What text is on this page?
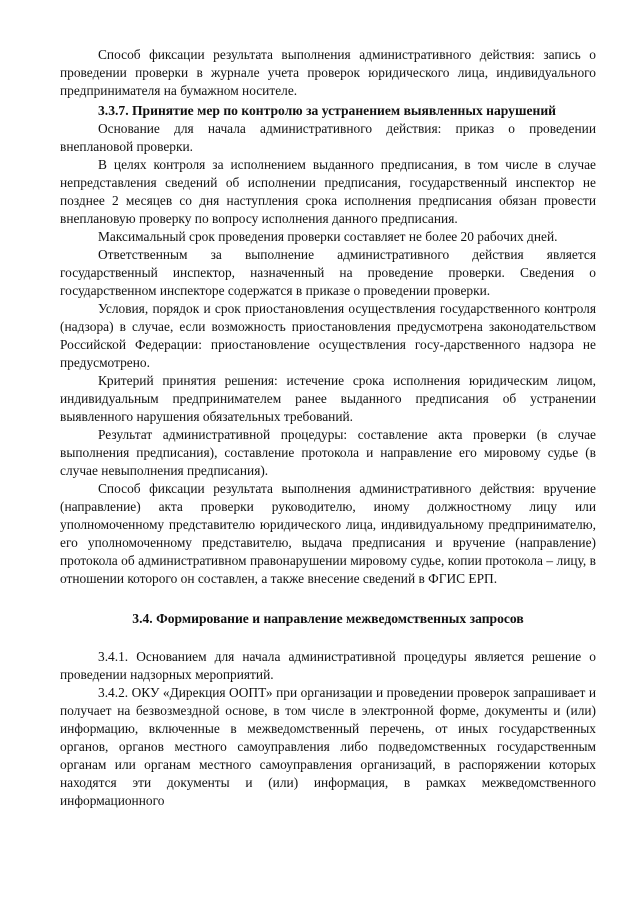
Способ фиксации результата выполнения административного действия: запись о проведении проверки в журнале учета проверок юридического лица, индивидуального предпринимателя на бумажном носителе.

3.3.7. Принятие мер по контролю за устранением выявленных нарушений

Основание для начала административного действия: приказ о проведении внеплановой проверки.

В целях контроля за исполнением выданного предписания, в том числе в случае непредставления сведений об исполнении предписания, государственный инспектор не позднее 2 месяцев со дня наступления срока исполнения предписания обязан провести внеплановую проверку по вопросу исполнения данного предписания.

Максимальный срок проведения проверки составляет не более 20 рабочих дней.

Ответственным за выполнение административного действия является государственный инспектор, назначенный на проведение проверки. Сведения о государственном инспекторе содержатся в приказе о проведении проверки.

Условия, порядок и срок приостановления осуществления государственного контроля (надзора) в случае, если возможность приостановления предусмотрена законодательством Российской Федерации: приостановление осуществления госу-дарственного надзора не предусмотрено.

Критерий принятия решения: истечение срока исполнения юридическим лицом, индивидуальным предпринимателем ранее выданного предписания об устранении выявленного нарушения обязательных требований.

Результат административной процедуры: составление акта проверки (в случае выполнения предписания), составление протокола и направление его мировому судье (в случае невыполнения предписания).

Способ фиксации результата выполнения административного действия: вручение (направление) акта проверки руководителю, иному должностному лицу или уполномоченному представителю юридического лица, индивидуальному предпринимателю, его уполномоченному представителю, выдача предписания и вручение (направление) протокола об административном правонарушении мировому судье, копии протокола – лицу, в отношении которого он составлен, а также внесение сведений в ФГИС ЕРП.

3.4. Формирование и направление межведомственных запросов

3.4.1. Основанием для начала административной процедуры является решение о проведении надзорных мероприятий.

3.4.2. ОКУ «Дирекция ООПТ» при организации и проведении проверок запрашивает и получает на безвозмездной основе, в том числе в электронной форме, документы и (или) информацию, включенные в межведомственный перечень, от иных государственных органов, органов местного самоуправления либо подведомственных государственным органам или органам местного самоуправления организаций, в распоряжении которых находятся эти документы и (или) информация, в рамках межведомственного информационного
